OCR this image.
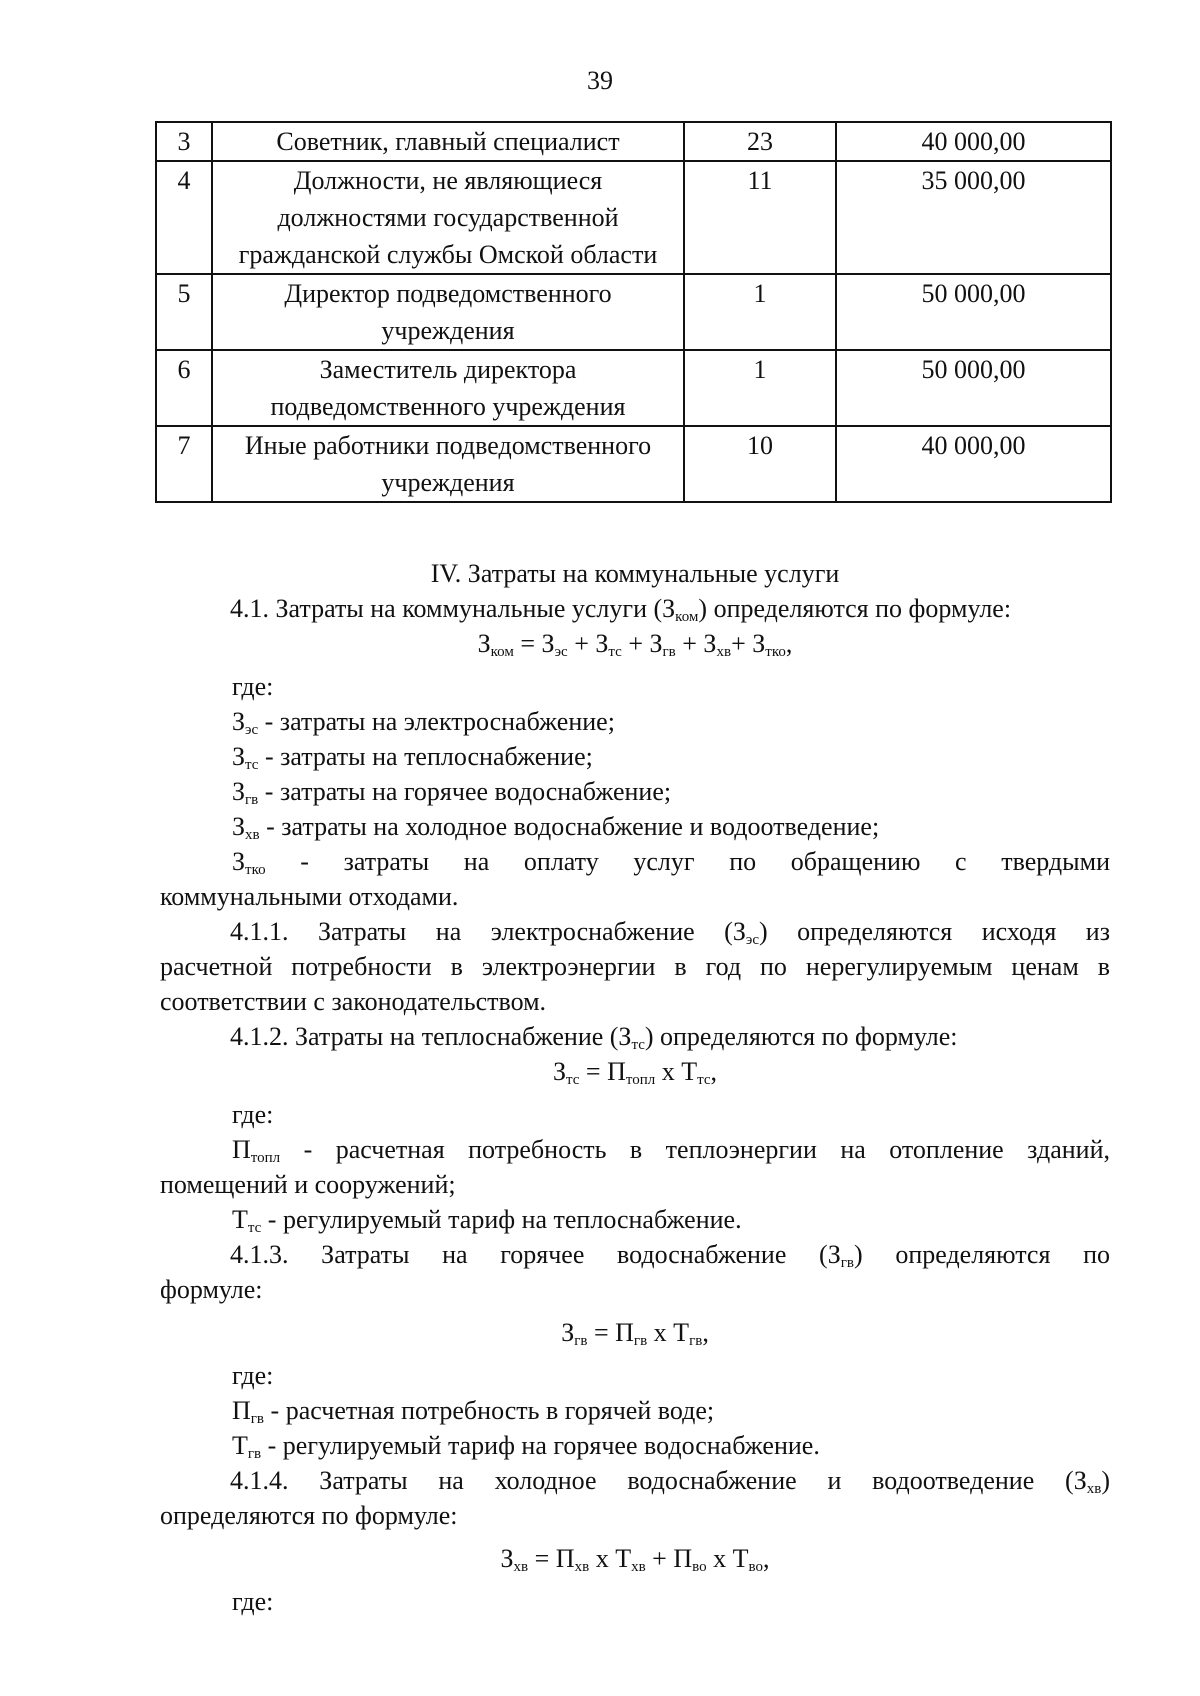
39
3	Советник, главный специалист	23	40 000,00
4	Должности, не являющиеся должностями государственной гражданской службы Омской области	11	35 000,00
5	Директор подведомственного учреждения	1	50 000,00
6	Заместитель директора подведомственного учреждения	1	50 000,00
7	Иные работники подведомственного учреждения	10	40 000,00

IV. Затраты на коммунальные услуги

4.1. Затраты на коммунальные услуги $(З_{ком})$ определяются по формуле:

$З_{ком} = З_{эс} + З_{тс} + З_{гв} + З_{хв}+ З_{тко}$,

где:

$З_{эс}$ - затраты на электроснабжение;

$З_{тс}$ - затраты на теплоснабжение;

$З_{гв}$ - затраты на горячее водоснабжение;

$З_{хв}$ - затраты на холодное водоснабжение и водоотведение;

$З_{тко}$ - затраты на оплату услуг по обращению с твердыми

коммунальными отходами.

4.1.1. Затраты на электроснабжение $(З_{эс})$ определяются исходя из

расчетной потребности в электроэнергии в год по нерегулируемым ценам в

соответствии с законодательством.

4.1.2. Затраты на теплоснабжение $(З_{тс})$ определяются по формуле:

$З_{тс} = П_{топл}$ x $Т_{тс}$,

где:

$П_{топл}$ - расчетная потребность в теплоэнергии на отопление зданий,

помещений и сооружений;

$Т_{тс}$ - регулируемый тариф на теплоснабжение.

4.1.3. Затраты на горячее водоснабжение $(З_{гв})$ определяются по

формуле:

$З_{гв} = П_{гв}$ x $Т_{гв}$,

где:

$П_{гв}$ - расчетная потребность в горячей воде;

$Т_{гв}$ - регулируемый тариф на горячее водоснабжение.

4.1.4. Затраты на холодное водоснабжение и водоотведение $(З_{хв})$

определяются по формуле:

$З_{хв} = П_{хв}$ x $Т_{хв} + П_{во}$ x $Т_{во}$,

где:
